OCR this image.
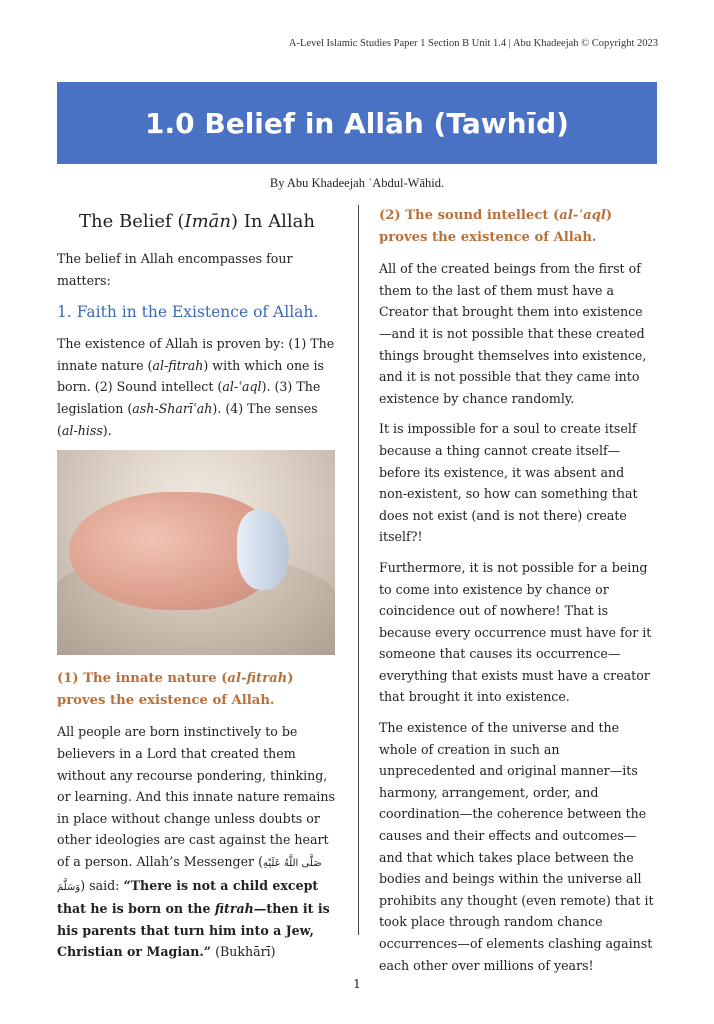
A-Level Islamic Studies Paper 1 Section B Unit 1.4 | Abu Khadeejah © Copyright 2023
1.0 Belief in Allāh (Tawhīd)
By Abu Khadeejah ʿAbdul-Wāhid.
The Belief (Imān) In Allah

The belief in Allah encompasses four matters:

1. Faith in the Existence of Allah.

The existence of Allah is proven by: (1) The innate nature (al-fitrah) with which one is born. (2) Sound intellect (al-ʿaql). (3) The legislation (ash-Sharīʿah). (4) The senses (al-hiss).

(1) The innate nature (al-fitrah) proves the existence of Allah.

All people are born instinctively to be believers in a Lord that created them without any recourse pondering, thinking, or learning. And this innate nature remains in place without change unless doubts or other ideologies are cast against the heart of a person. Allah’s Messenger (صَلَّى اللَّهُ عَلَيْهِ وَسَلَّمَ) said: “There is not a child except that he is born on the fitrah—then it is his parents that turn him into a Jew, Christian or Magian.” (Bukhārī)

(2) The sound intellect (al-ʿaql) proves the existence of Allah.

All of the created beings from the first of them to the last of them must have a Creator that brought them into existence—and it is not possible that these created things brought themselves into existence, and it is not possible that they came into existence by chance randomly.

It is impossible for a soul to create itself because a thing cannot create itself—before its existence, it was absent and non-existent, so how can something that does not exist (and is not there) create itself?!

Furthermore, it is not possible for a being to come into existence by chance or coincidence out of nowhere! That is because every occurrence must have for it someone that causes its occurrence—everything that exists must have a creator that brought it into existence.

The existence of the universe and the whole of creation in such an unprecedented and original manner—its harmony, arrangement, order, and coordination—the coherence between the causes and their effects and outcomes—and that which takes place between the bodies and beings within the universe all prohibits any thought (even remote) that it took place through random chance occurrences—of elements clashing against each other over millions of years!

1
